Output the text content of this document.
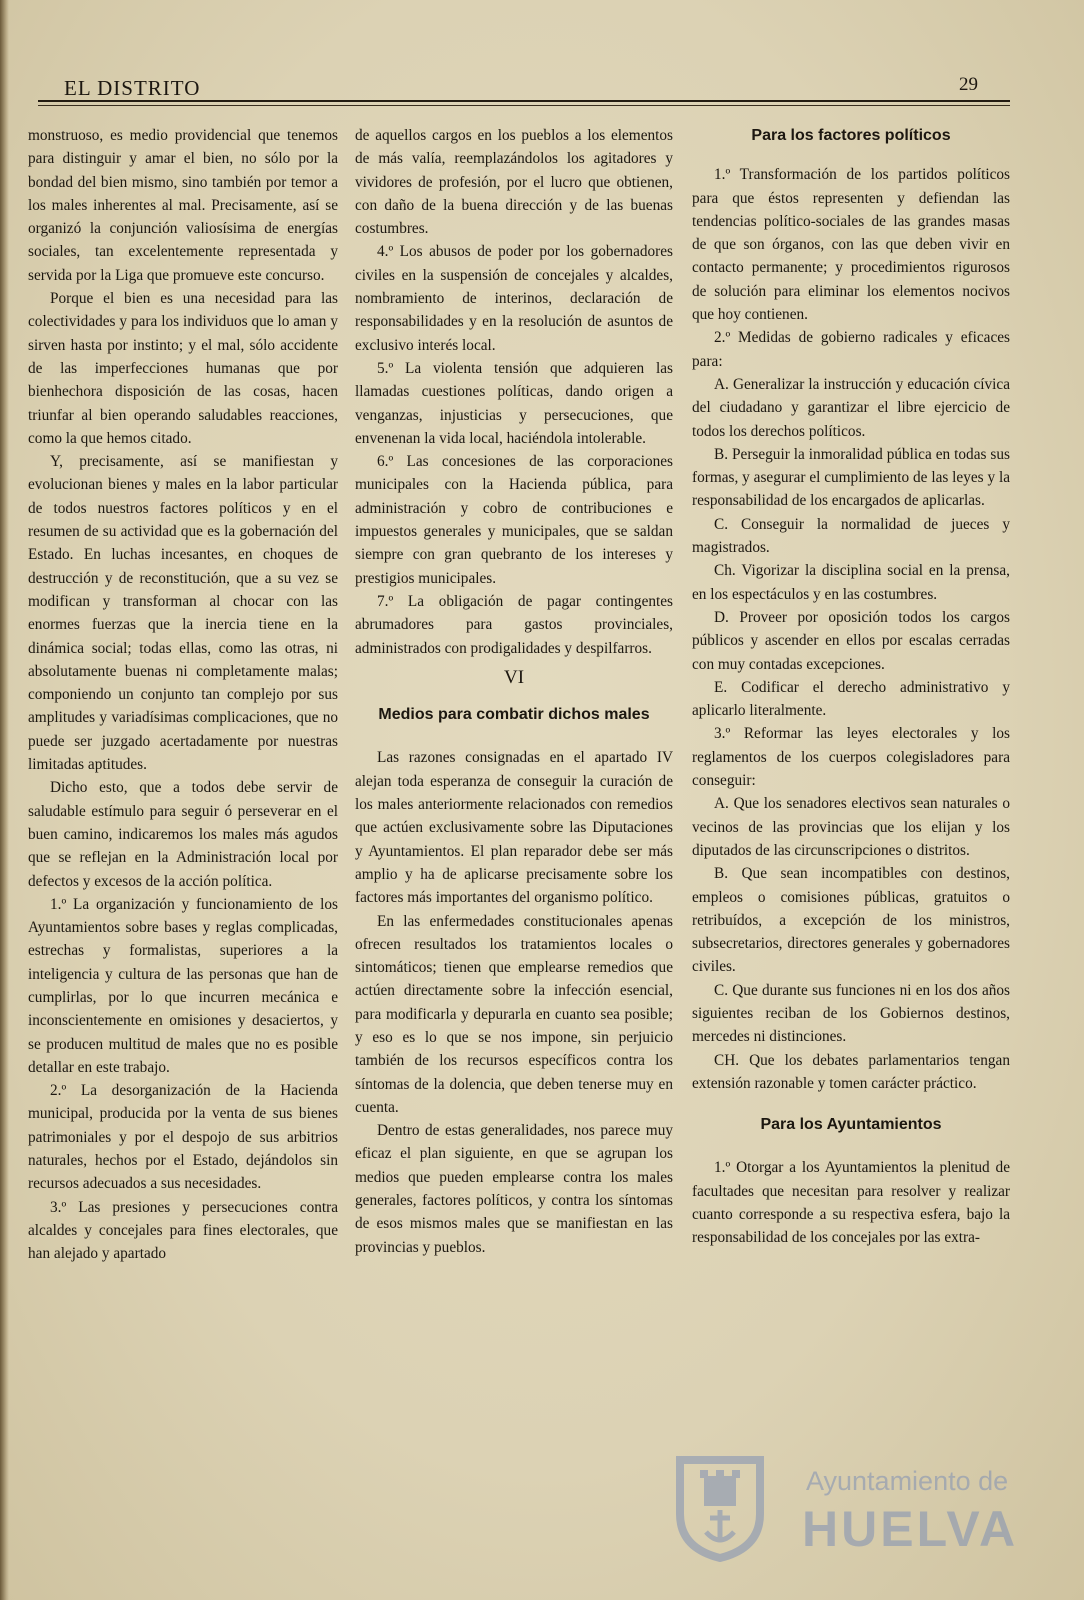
EL DISTRITO	29

monstruoso, es medio providencial que tenemos para distinguir y amar el bien, no sólo por la bondad del bien mismo, sino también por temor a los males inherentes al mal. Precisamente, así se organizó la conjunción valiosísima de energías sociales, tan excelentemente representada y servida por la Liga que promueve este concurso.

Porque el bien es una necesidad para las colectividades y para los individuos que lo aman y sirven hasta por instinto; y el mal, sólo accidente de las imperfecciones humanas que por bienhechora disposición de las cosas, hacen triunfar al bien operando saludables reacciones, como la que hemos citado.

Y, precisamente, así se manifiestan y evolucionan bienes y males en la labor particular de todos nuestros factores políticos y en el resumen de su actividad que es la gobernación del Estado. En luchas incesantes, en choques de destrucción y de reconstitución, que a su vez se modifican y transforman al chocar con las enormes fuerzas que la inercia tiene en la dinámica social; todas ellas, como las otras, ni absolutamente buenas ni completamente malas; componiendo un conjunto tan complejo por sus amplitudes y variadísimas complicaciones, que no puede ser juzgado acertadamente por nuestras limitadas aptitudes.

Dicho esto, que a todos debe servir de saludable estímulo para seguir ó perseverar en el buen camino, indicaremos los males más agudos que se reflejan en la Administración local por defectos y excesos de la acción política.

1.º La organización y funcionamiento de los Ayuntamientos sobre bases y reglas complicadas, estrechas y formalistas, superiores a la inteligencia y cultura de las personas que han de cumplirlas, por lo que incurren mecánica e inconscientemente en omisiones y desaciertos, y se producen multitud de males que no es posible detallar en este trabajo.

2.º La desorganización de la Hacienda municipal, producida por la venta de sus bienes patrimoniales y por el despojo de sus arbitrios naturales, hechos por el Estado, dejándolos sin recursos adecuados a sus necesidades.

3.º Las presiones y persecuciones contra alcaldes y concejales para fines electorales, que han alejado y apartado

de aquellos cargos en los pueblos a los elementos de más valía, reemplazándolos los agitadores y vividores de profesión, por el lucro que obtienen, con daño de la buena dirección y de las buenas costumbres.

4.º Los abusos de poder por los gobernadores civiles en la suspensión de concejales y alcaldes, nombramiento de interinos, declaración de responsabilidades y en la resolución de asuntos de exclusivo interés local.

5.º La violenta tensión que adquieren las llamadas cuestiones políticas, dando origen a venganzas, injusticias y persecuciones, que envenenan la vida local, haciéndola intolerable.

6.º Las concesiones de las corporaciones municipales con la Hacienda pública, para administración y cobro de contribuciones e impuestos generales y municipales, que se saldan siempre con gran quebranto de los intereses y prestigios municipales.

7.º La obligación de pagar contingentes abrumadores para gastos provinciales, administrados con prodigalidades y despilfarros.

VI
Medios para combatir dichos males

Las razones consignadas en el apartado IV alejan toda esperanza de conseguir la curación de los males anteriormente relacionados con remedios que actúen exclusivamente sobre las Diputaciones y Ayuntamientos. El plan reparador debe ser más amplio y ha de aplicarse precisamente sobre los factores más importantes del organismo político.

En las enfermedades constitucionales apenas ofrecen resultados los tratamientos locales o sintomáticos; tienen que emplearse remedios que actúen directamente sobre la infección esencial, para modificarla y depurarla en cuanto sea posible; y eso es lo que se nos impone, sin perjuicio también de los recursos específicos contra los síntomas de la dolencia, que deben tenerse muy en cuenta.

Dentro de estas generalidades, nos parece muy eficaz el plan siguiente, en que se agrupan los medios que pueden emplearse contra los males generales, factores políticos, y contra los síntomas de esos mismos males que se manifiestan en las provincias y pueblos.

Para los factores políticos

1.º Transformación de los partidos políticos para que éstos representen y defiendan las tendencias político-sociales de las grandes masas de que son órganos, con las que deben vivir en contacto permanente; y procedimientos rigurosos de solución para eliminar los elementos nocivos que hoy contienen.

2.º Medidas de gobierno radicales y eficaces para:

A. Generalizar la instrucción y educación cívica del ciudadano y garantizar el libre ejercicio de todos los derechos políticos.

B. Perseguir la inmoralidad pública en todas sus formas, y asegurar el cumplimiento de las leyes y la responsabilidad de los encargados de aplicarlas.

C. Conseguir la normalidad de jueces y magistrados.

Ch. Vigorizar la disciplina social en la prensa, en los espectáculos y en las costumbres.

D. Proveer por oposición todos los cargos públicos y ascender en ellos por escalas cerradas con muy contadas excepciones.

E. Codificar el derecho administrativo y aplicarlo literalmente.

3.º Reformar las leyes electorales y los reglamentos de los cuerpos colegisladores para conseguir:

A. Que los senadores electivos sean naturales o vecinos de las provincias que los elijan y los diputados de las circunscripciones o distritos.

B. Que sean incompatibles con destinos, empleos o comisiones públicas, gratuitos o retribuídos, a excepción de los ministros, subsecretarios, directores generales y gobernadores civiles.

C. Que durante sus funciones ni en los dos años siguientes reciban de los Gobiernos destinos, mercedes ni distinciones.

CH. Que los debates parlamentarios tengan extensión razonable y tomen carácter práctico.

Para los Ayuntamientos

1.º Otorgar a los Ayuntamientos la plenitud de facultades que necesitan para resolver y realizar cuanto corresponde a su respectiva esfera, bajo la responsabilidad de los concejales por las extra-

Ayuntamiento de
HUELVA
